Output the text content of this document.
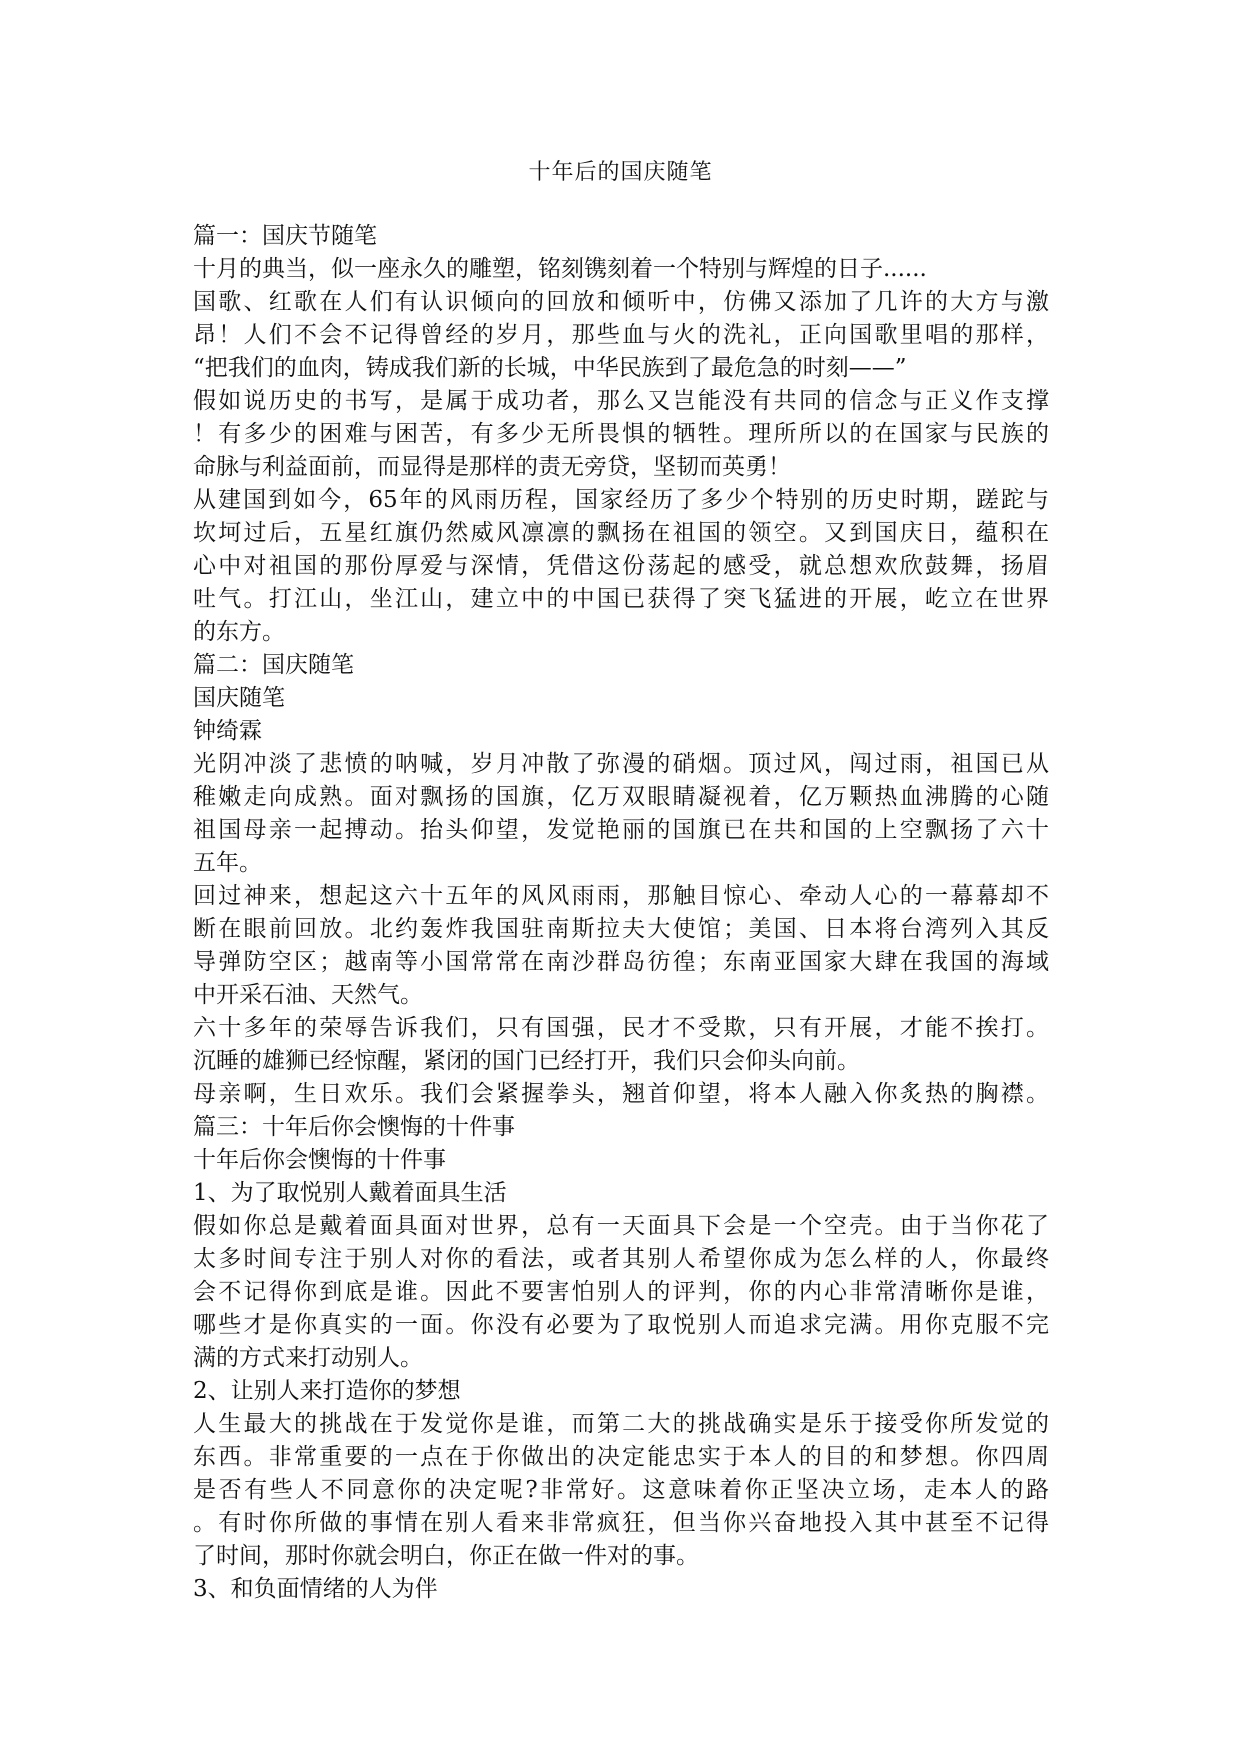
十年后的国庆随笔

篇一：国庆节随笔

十月的典当，似一座永久的雕塑，铭刻镌刻着一个特别与辉煌的日子......

国歌、红歌在人们有认识倾向的回放和倾听中，仿佛又添加了几许的大方与激

昂！人们不会不记得曾经的岁月，那些血与火的洗礼，正向国歌里唱的那样，

“把我们的血肉，铸成我们新的长城，中华民族到了最危急的时刻——”

假如说历史的书写，是属于成功者，那么又岂能没有共同的信念与正义作支撑

！有多少的困难与困苦，有多少无所畏惧的牺牲。理所所以的在国家与民族的

命脉与利益面前，而显得是那样的责无旁贷，坚韧而英勇！

从建国到如今，65年的风雨历程，国家经历了多少个特别的历史时期，蹉跎与

坎坷过后，五星红旗仍然威风凛凛的飘扬在祖国的领空。又到国庆日，蕴积在

心中对祖国的那份厚爱与深情，凭借这份荡起的感受，就总想欢欣鼓舞，扬眉

吐气。打江山，坐江山，建立中的中国已获得了突飞猛进的开展，屹立在世界

的东方。

篇二：国庆随笔

国庆随笔

钟绮霖

光阴冲淡了悲愤的呐喊，岁月冲散了弥漫的硝烟。顶过风，闯过雨，祖国已从

稚嫩走向成熟。面对飘扬的国旗，亿万双眼睛凝视着，亿万颗热血沸腾的心随

祖国母亲一起搏动。抬头仰望，发觉艳丽的国旗已在共和国的上空飘扬了六十

五年。

回过神来，想起这六十五年的风风雨雨，那触目惊心、牵动人心的一幕幕却不

断在眼前回放。北约轰炸我国驻南斯拉夫大使馆；美国、日本将台湾列入其反

导弹防空区；越南等小国常常在南沙群岛彷徨；东南亚国家大肆在我国的海域

中开采石油、天然气。

六十多年的荣辱告诉我们，只有国强，民才不受欺，只有开展，才能不挨打。

沉睡的雄狮已经惊醒，紧闭的国门已经打开，我们只会仰头向前。

母亲啊，生日欢乐。我们会紧握拳头，翘首仰望，将本人融入你炙热的胸襟。

篇三：十年后你会懊悔的十件事

十年后你会懊悔的十件事

1、为了取悦别人戴着面具生活

假如你总是戴着面具面对世界，总有一天面具下会是一个空壳。由于当你花了

太多时间专注于别人对你的看法，或者其别人希望你成为怎么样的人，你最终

会不记得你到底是谁。因此不要害怕别人的评判，你的内心非常清晰你是谁，

哪些才是你真实的一面。你没有必要为了取悦别人而追求完满。用你克服不完

满的方式来打动别人。

2、让别人来打造你的梦想

人生最大的挑战在于发觉你是谁，而第二大的挑战确实是乐于接受你所发觉的

东西。非常重要的一点在于你做出的决定能忠实于本人的目的和梦想。你四周

是否有些人不同意你的决定呢?非常好。这意味着你正坚决立场，走本人的路

。有时你所做的事情在别人看来非常疯狂，但当你兴奋地投入其中甚至不记得

了时间，那时你就会明白，你正在做一件对的事。

3、和负面情绪的人为伴
